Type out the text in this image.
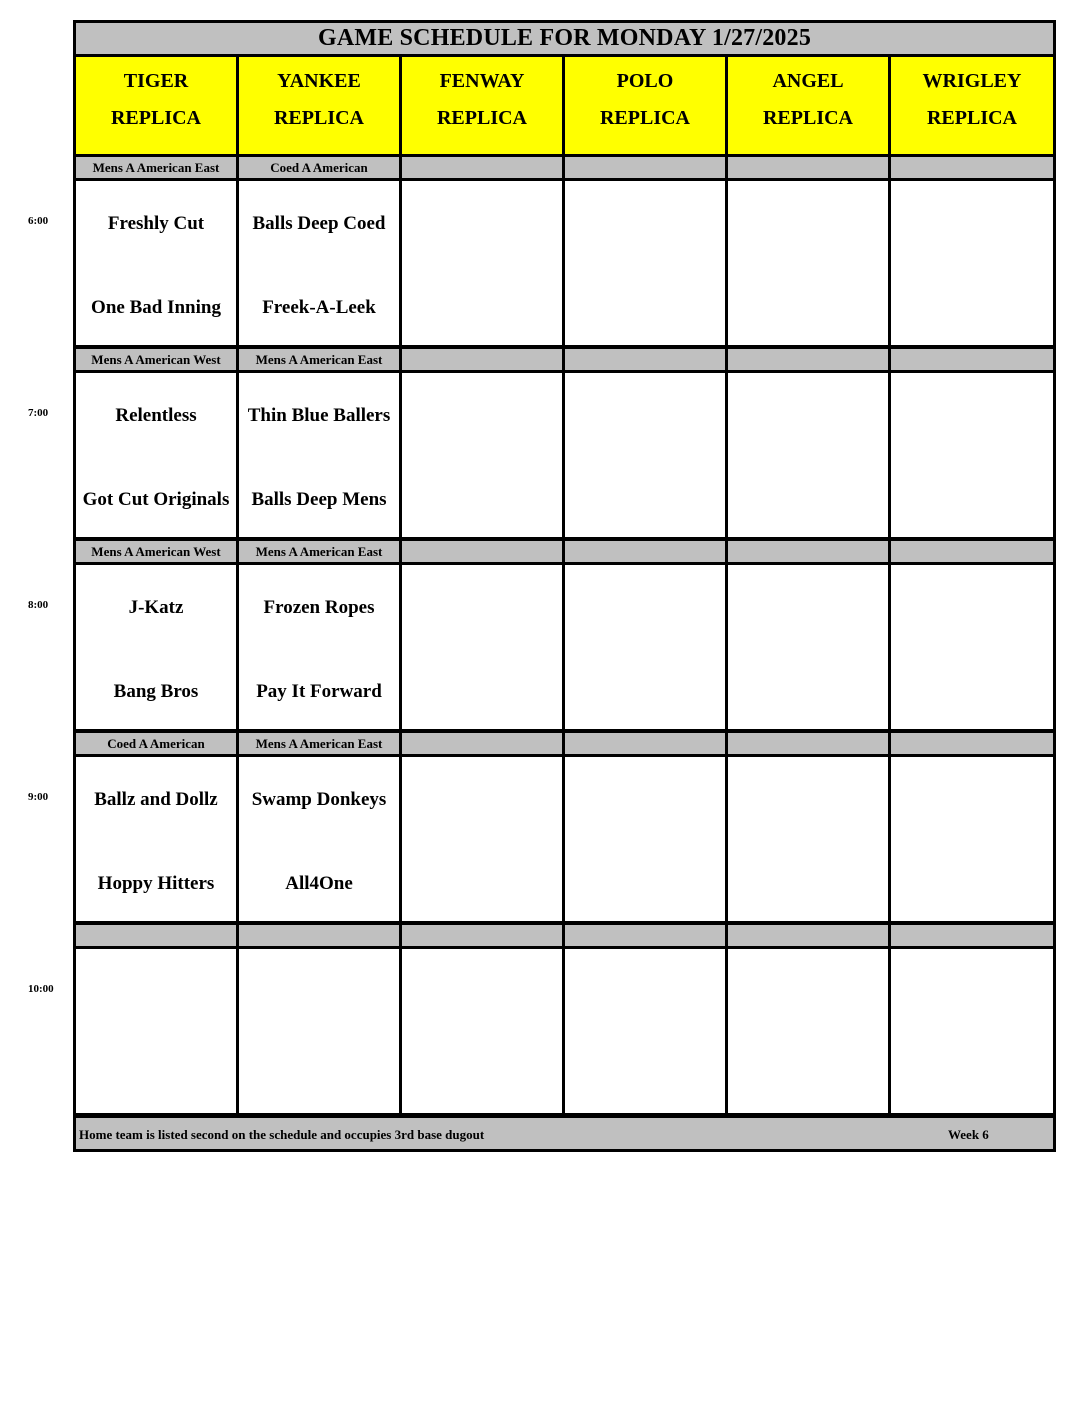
GAME SCHEDULE FOR MONDAY 1/27/2025
TIGER
REPLICA
YANKEE
REPLICA
FENWAY
REPLICA
POLO
REPLICA
ANGEL
REPLICA
WRIGLEY
REPLICA
6:00
Mens A American East
Freshly Cut
One Bad Inning
Coed A American
Balls Deep Coed
Freek-A-Leek
7:00
Mens A American West
Relentless
Got Cut Originals
Mens A American East
Thin Blue Ballers
Balls Deep Mens
8:00
Mens A American West
J-Katz
Bang Bros
Mens A American East
Frozen Ropes
Pay It Forward
9:00
Coed A American
Ballz and Dollz
Hoppy Hitters
Mens A American East
Swamp Donkeys
All4One
10:00
Home team is listed second on the schedule and occupies 3rd base dugout	Week 6
